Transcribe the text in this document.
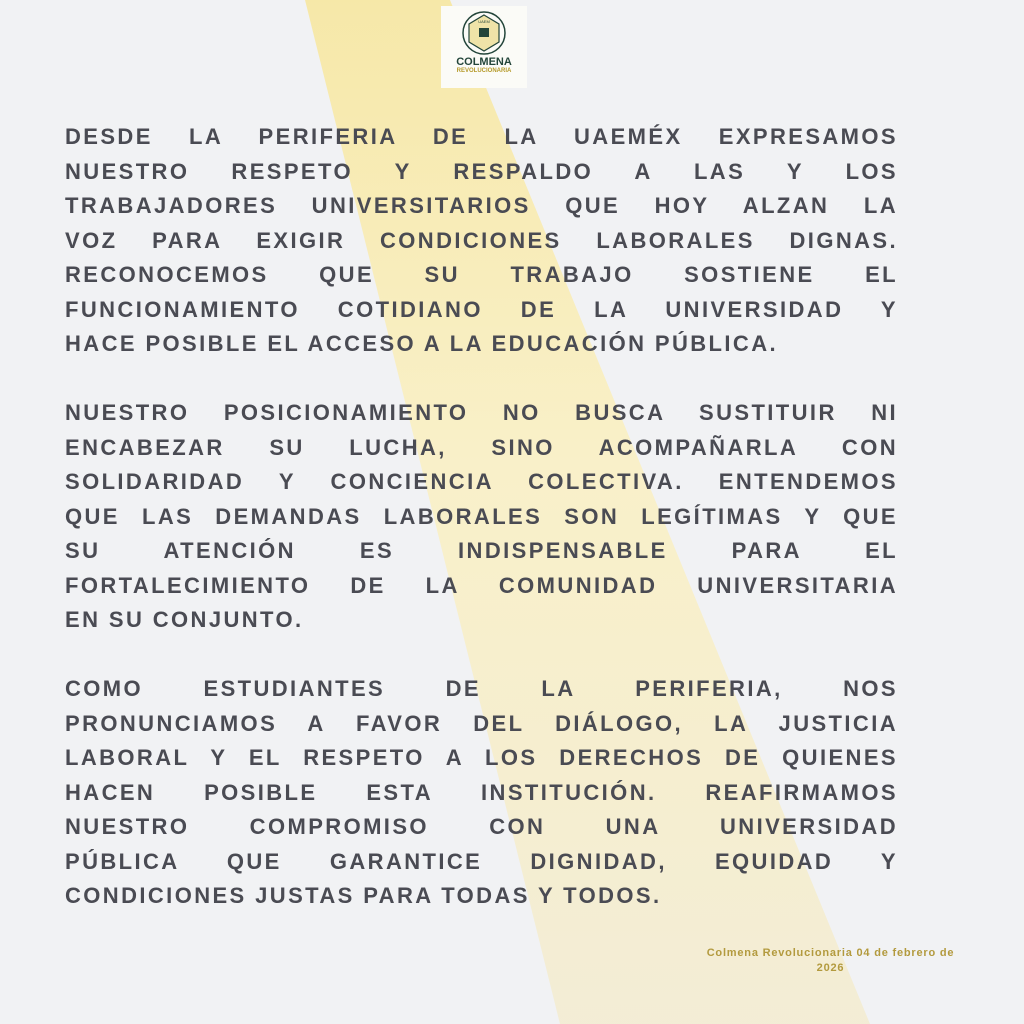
UAEM
COLMENA
REVOLUCIONARIA
DESDE LA PERIFERIA DE LA UAEMÉX EXPRESAMOS
NUESTRO RESPETO Y RESPALDO A LAS Y LOS
TRABAJADORES UNIVERSITARIOS QUE HOY ALZAN LA
VOZ PARA EXIGIR CONDICIONES LABORALES DIGNAS.
RECONOCEMOS QUE SU TRABAJO SOSTIENE EL
FUNCIONAMIENTO COTIDIANO DE LA UNIVERSIDAD Y
HACE POSIBLE EL ACCESO A LA EDUCACIÓN PÚBLICA.
NUESTRO POSICIONAMIENTO NO BUSCA SUSTITUIR NI
ENCABEZAR SU LUCHA, SINO ACOMPAÑARLA CON
SOLIDARIDAD Y CONCIENCIA COLECTIVA. ENTENDEMOS
QUE LAS DEMANDAS LABORALES SON LEGÍTIMAS Y QUE
SU ATENCIÓN ES INDISPENSABLE PARA EL
FORTALECIMIENTO DE LA COMUNIDAD UNIVERSITARIA
EN SU CONJUNTO.
COMO ESTUDIANTES DE LA PERIFERIA, NOS
PRONUNCIAMOS A FAVOR DEL DIÁLOGO, LA JUSTICIA
LABORAL Y EL RESPETO A LOS DERECHOS DE QUIENES
HACEN POSIBLE ESTA INSTITUCIÓN. REAFIRMAMOS
NUESTRO COMPROMISO CON UNA UNIVERSIDAD
PÚBLICA QUE GARANTICE DIGNIDAD, EQUIDAD Y
CONDICIONES JUSTAS PARA TODAS Y TODOS.
Colmena Revolucionaria 04 de febrero de
2026
